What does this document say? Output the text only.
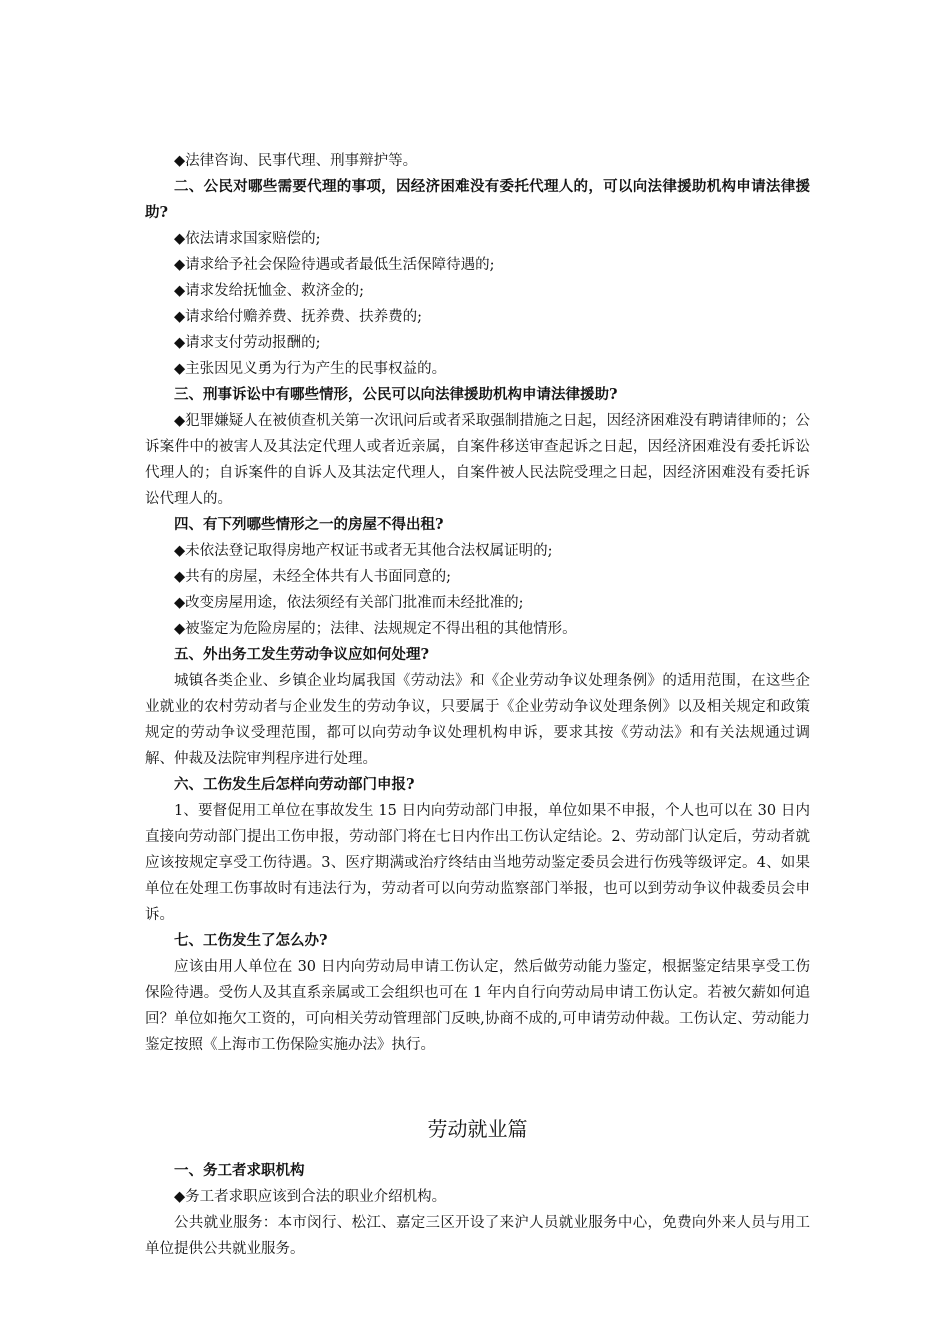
◆法律咨询、民事代理、刑事辩护等。

二、公民对哪些需要代理的事项，因经济困难没有委托代理人的，可以向法律援助机构申请法律援助?

◆依法请求国家赔偿的;

◆请求给予社会保险待遇或者最低生活保障待遇的;

◆请求发给抚恤金、救济金的;

◆请求给付赡养费、抚养费、扶养费的;

◆请求支付劳动报酬的;

◆主张因见义勇为行为产生的民事权益的。

三、刑事诉讼中有哪些情形，公民可以向法律援助机构申请法律援助?

◆犯罪嫌疑人在被侦查机关第一次讯问后或者采取强制措施之日起，因经济困难没有聘请律师的；公诉案件中的被害人及其法定代理人或者近亲属，自案件移送审查起诉之日起，因经济困难没有委托诉讼代理人的；自诉案件的自诉人及其法定代理人，自案件被人民法院受理之日起，因经济困难没有委托诉讼代理人的。

四、有下列哪些情形之一的房屋不得出租?

◆未依法登记取得房地产权证书或者无其他合法权属证明的;

◆共有的房屋，未经全体共有人书面同意的;

◆改变房屋用途，依法须经有关部门批准而未经批准的;

◆被鉴定为危险房屋的；法律、法规规定不得出租的其他情形。

五、外出务工发生劳动争议应如何处理?

城镇各类企业、乡镇企业均属我国《劳动法》和《企业劳动争议处理条例》的适用范围，在这些企业就业的农村劳动者与企业发生的劳动争议，只要属于《企业劳动争议处理条例》以及相关规定和政策规定的劳动争议受理范围，都可以向劳动争议处理机构申诉，要求其按《劳动法》和有关法规通过调解、仲裁及法院审判程序进行处理。

六、工伤发生后怎样向劳动部门申报?

1、要督促用工单位在事故发生 15 日内向劳动部门申报，单位如果不申报，个人也可以在 30 日内直接向劳动部门提出工伤申报，劳动部门将在七日内作出工伤认定结论。2、劳动部门认定后，劳动者就应该按规定享受工伤待遇。3、医疗期满或治疗终结由当地劳动鉴定委员会进行伤残等级评定。4、如果单位在处理工伤事故时有违法行为，劳动者可以向劳动监察部门举报，也可以到劳动争议仲裁委员会申诉。

七、工伤发生了怎么办?

应该由用人单位在 30 日内向劳动局申请工伤认定，然后做劳动能力鉴定，根据鉴定结果享受工伤保险待遇。受伤人及其直系亲属或工会组织也可在 1 年内自行向劳动局申请工伤认定。若被欠薪如何追回？单位如拖欠工资的，可向相关劳动管理部门反映,协商不成的,可申请劳动仲裁。工伤认定、劳动能力鉴定按照《上海市工伤保险实施办法》执行。

劳动就业篇

一、务工者求职机构

◆务工者求职应该到合法的职业介绍机构。

公共就业服务：本市闵行、松江、嘉定三区开设了来沪人员就业服务中心，免费向外来人员与用工单位提供公共就业服务。
